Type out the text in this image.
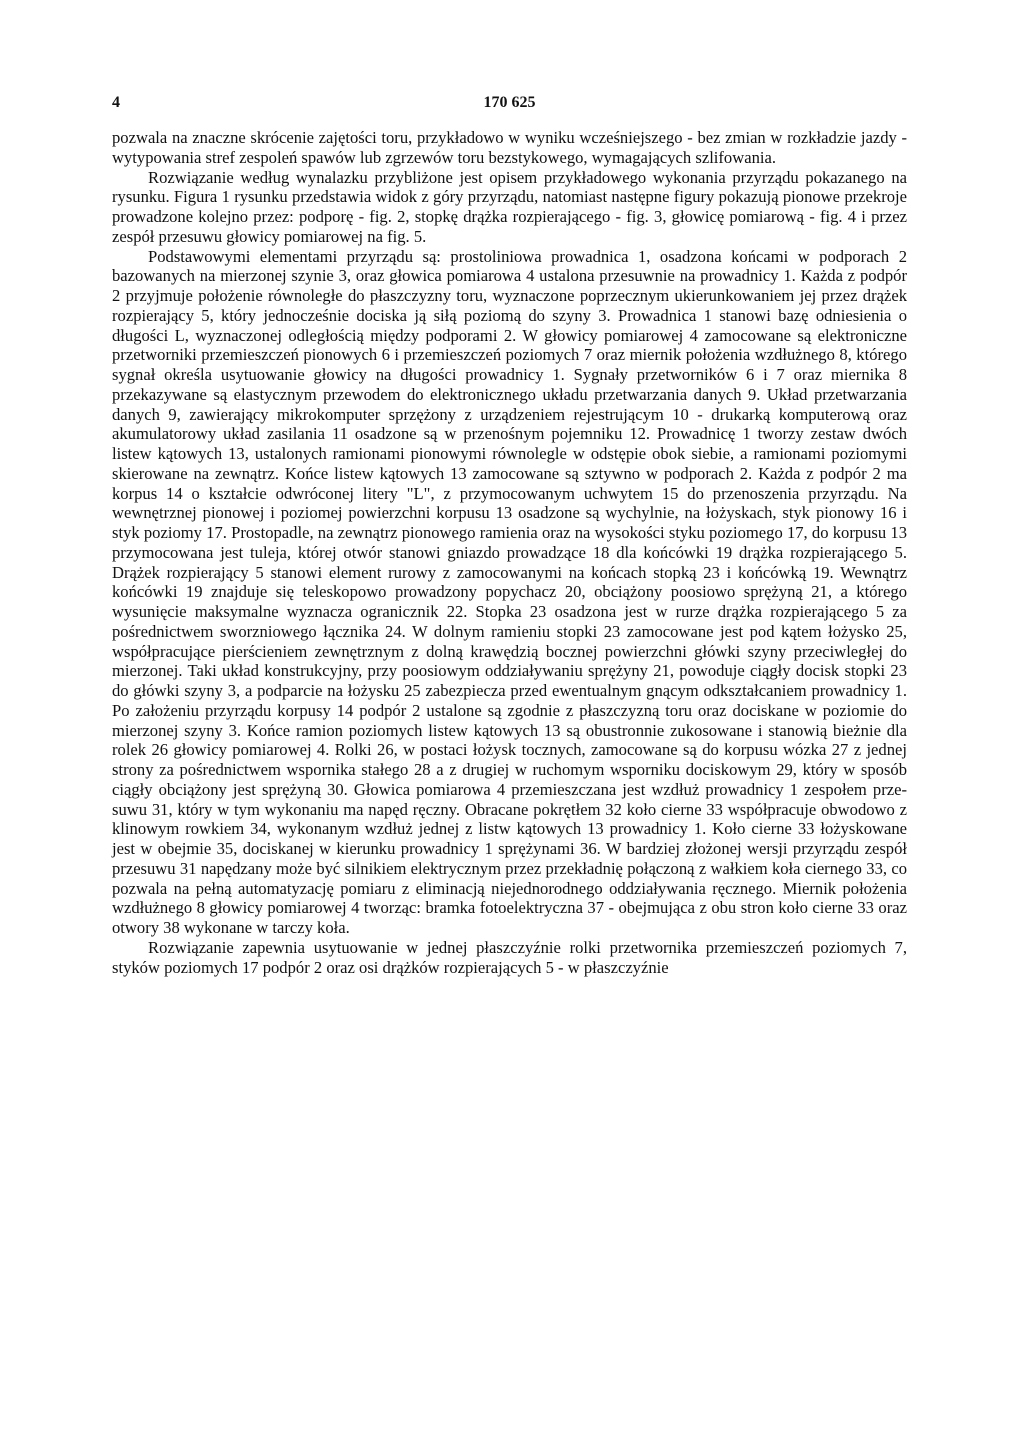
4	170 625

pozwala na znaczne skrócenie zajętości toru, przykładowo w wyniku wcześniejszego - bez zmian w rozkładzie jazdy - wytypowania stref zespoleń spawów lub zgrzewów toru bezstykowego, wymagających szlifowania.

Rozwiązanie według wynalazku przybliżone jest opisem przykładowego wykonania przyrządu pokazanego na rysunku. Figura 1 rysunku przedstawia widok z góry przyrządu, natomiast następne figury pokazują pionowe przekroje prowadzone kolejno przez: podporę - fig. 2, stopkę drążka rozpierającego - fig. 3, głowicę pomiarową - fig. 4 i przez zespół przesuwu głowicy pomiarowej na fig. 5.

Podstawowymi elementami przyrządu są: prostoliniowa prowadnica 1, osadzona końcami w podporach 2 bazowanych na mierzonej szynie 3, oraz głowica pomiarowa 4 ustalona przesuwnie na prowadnicy 1. Każda z podpór 2 przyjmuje położenie równoległe do płaszczyzny toru, wyznaczone poprzecznym ukierunkowaniem jej przez drążek rozpierający 5, który jednocześnie dociska ją siłą poziomą do szyny 3. Prowadnica 1 stanowi bazę odniesienia o długości L, wyznaczonej odległością między podporami 2. W głowicy pomiarowej 4 zamocowane są elektroniczne przetworniki przemieszczeń pionowych 6 i przemieszczeń poziomych 7 oraz miernik położenia wzdłużnego 8, którego sygnał określa usytuowanie głowicy na długości prowadnicy 1. Sygnały przetworników 6 i 7 oraz miernika 8 przekazywane są elastycznym przewodem do elektronicznego układu przetwarzania danych 9. Układ przetwarzania danych 9, zawierający mikrokomputer sprzężony z urządzeniem rejestrującym 10 - drukarką komputerową oraz akumulatorowy układ zasilania 11 osadzone są w przenośnym pojemniku 12. Prowadnicę 1 tworzy zestaw dwóch listew kątowych 13, ustalonych ramionami pionowymi równolegle w odstępie obok siebie, a ramionami poziomymi skierowane na zewnątrz. Końce listew kątowych 13 zamocowane są sztywno w podporach 2. Każda z podpór 2 ma korpus 14 o kształcie odwróconej litery "L", z przymocowanym uchwytem 15 do przenoszenia przyrządu. Na wewnętrznej pionowej i poziomej powierzchni korpusu 13 osadzone są wychylnie, na łożyskach, styk pionowy 16 i styk poziomy 17. Prostopadle, na zewnątrz pionowego ramienia oraz na wysokości styku poziomego 17, do korpusu 13 przymocowana jest tuleja, której otwór stanowi gniazdo prowadzące 18 dla końcówki 19 drążka rozpierającego 5. Drążek rozpierający 5 stanowi element rurowy z zamocowanymi na końcach stopką 23 i końcówką 19. Wewnątrz końcówki 19 znajduje się teleskopowo prowadzony popychacz 20, obciążony poosiowo sprężyną 21, a którego wysunięcie maksymalne wyznacza ogranicznik 22. Stopka 23 osadzona jest w rurze drążka rozpierającego 5 za pośrednictwem sworzniowego łącznika 24. W dolnym ramieniu stopki 23 zamocowane jest pod kątem łożysko 25, współpracujące pierścieniem zewnętrznym z dolną krawędzią bocznej powierzchni główki szyny przeciwległej do mierzonej. Taki układ konstrukcyjny, przy poosiowym oddziaływaniu sprężyny 21, powoduje ciągły docisk stopki 23 do główki szyny 3, a podparcie na łożysku 25 zabezpiecza przed ewentualnym gnącym odkształcaniem prowadnicy 1. Po założeniu przyrządu korpusy 14 podpór 2 ustalone są zgodnie z płaszczyzną toru oraz dociskane w poziomie do mierzonej szyny 3. Końce ramion poziomych listew kątowych 13 są obustronnie zukosowane i stanowią bieżnie dla rolek 26 głowicy pomiarowej 4. Rolki 26, w postaci łożysk tocznych, zamocowane są do korpusu wózka 27 z jednej strony za pośrednictwem wspornika stałego 28 a z drugiej w ruchomym wsporniku dociskowym 29, który w sposób ciągły obciążony jest sprężyną 30. Głowica pomiarowa 4 przemieszczana jest wzdłuż prowadnicy 1 zespołem przesuwu 31, który w tym wykonaniu ma napęd ręczny. Obracane pokrętłem 32 koło cierne 33 współpracuje obwodowo z klinowym rowkiem 34, wykonanym wzdłuż jednej z listw kątowych 13 prowadnicy 1. Koło cierne 33 łożyskowane jest w obejmie 35, dociskanej w kierunku prowadnicy 1 sprężynami 36. W bardziej złożonej wersji przyrządu zespół przesuwu 31 napędzany może być silnikiem elektrycznym przez przekładnię połączoną z wałkiem koła ciernego 33, co pozwala na pełną automatyzację pomiaru z eliminacją niejednorodnego oddziaływania ręcznego. Miernik położenia wzdłużnego 8 głowicy pomiarowej 4 tworząc: bramka fotoelektryczna 37 - obejmująca z obu stron koło cierne 33 oraz otwory 38 wykonane w tarczy koła.

Rozwiązanie zapewnia usytuowanie w jednej płaszczyźnie rolki przetwornika przemieszczeń poziomych 7, styków poziomych 17 podpór 2 oraz osi drążków rozpierających 5 - w płaszczyźnie
